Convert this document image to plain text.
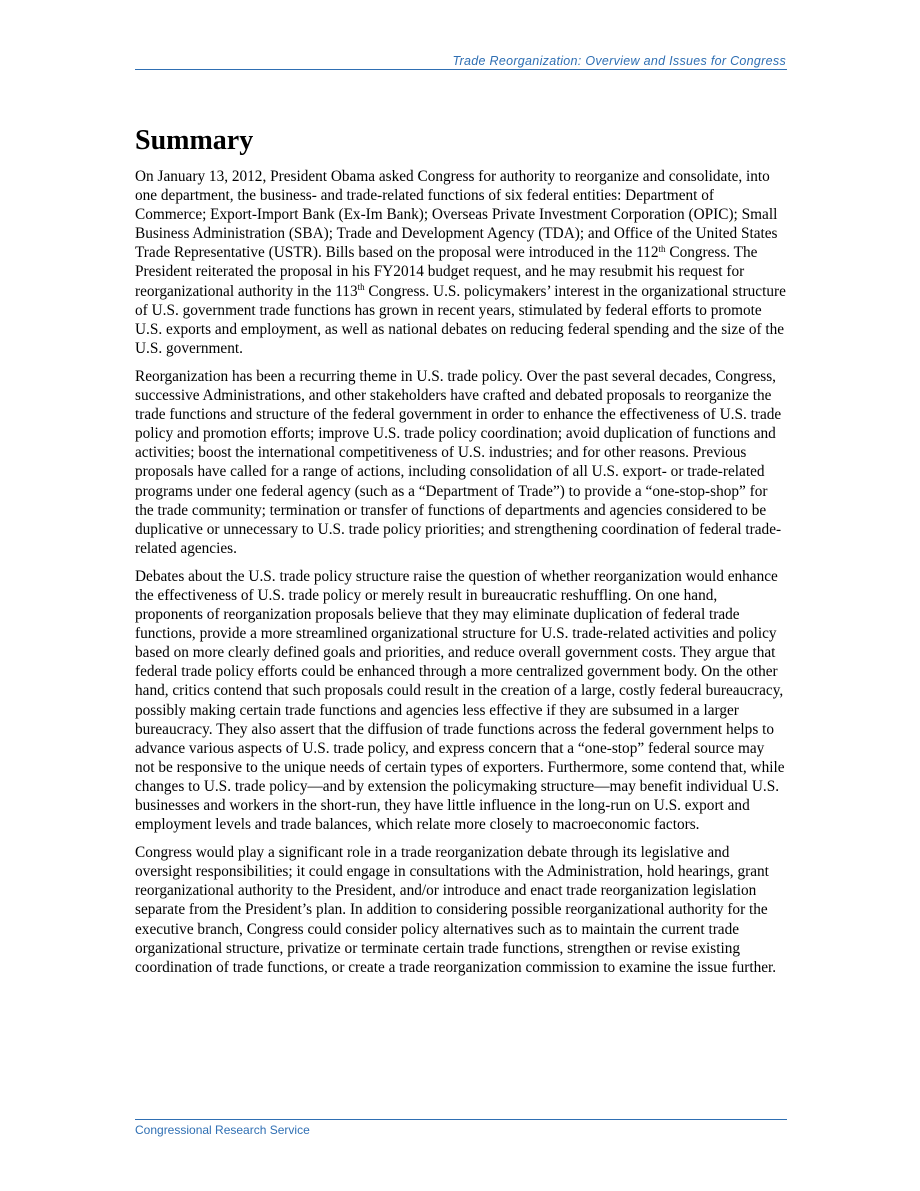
Trade Reorganization: Overview and Issues for Congress
Summary

On January 13, 2012, President Obama asked Congress for authority to reorganize and consolidate, into one department, the business- and trade-related functions of six federal entities: Department of Commerce; Export-Import Bank (Ex-Im Bank); Overseas Private Investment Corporation (OPIC); Small Business Administration (SBA); Trade and Development Agency (TDA); and Office of the United States Trade Representative (USTR). Bills based on the proposal were introduced in the 112th Congress. The President reiterated the proposal in his FY2014 budget request, and he may resubmit his request for reorganizational authority in the 113th Congress. U.S. policymakers’ interest in the organizational structure of U.S. government trade functions has grown in recent years, stimulated by federal efforts to promote U.S. exports and employment, as well as national debates on reducing federal spending and the size of the U.S. government.

Reorganization has been a recurring theme in U.S. trade policy. Over the past several decades, Congress, successive Administrations, and other stakeholders have crafted and debated proposals to reorganize the trade functions and structure of the federal government in order to enhance the effectiveness of U.S. trade policy and promotion efforts; improve U.S. trade policy coordination; avoid duplication of functions and activities; boost the international competitiveness of U.S. industries; and for other reasons. Previous proposals have called for a range of actions, including consolidation of all U.S. export- or trade-related programs under one federal agency (such as a “Department of Trade”) to provide a “one-stop-shop” for the trade community; termination or transfer of functions of departments and agencies considered to be duplicative or unnecessary to U.S. trade policy priorities; and strengthening coordination of federal trade-related agencies.

Debates about the U.S. trade policy structure raise the question of whether reorganization would enhance the effectiveness of U.S. trade policy or merely result in bureaucratic reshuffling. On one hand, proponents of reorganization proposals believe that they may eliminate duplication of federal trade functions, provide a more streamlined organizational structure for U.S. trade-related activities and policy based on more clearly defined goals and priorities, and reduce overall government costs. They argue that federal trade policy efforts could be enhanced through a more centralized government body. On the other hand, critics contend that such proposals could result in the creation of a large, costly federal bureaucracy, possibly making certain trade functions and agencies less effective if they are subsumed in a larger bureaucracy. They also assert that the diffusion of trade functions across the federal government helps to advance various aspects of U.S. trade policy, and express concern that a “one-stop” federal source may not be responsive to the unique needs of certain types of exporters. Furthermore, some contend that, while changes to U.S. trade policy—and by extension the policymaking structure—may benefit individual U.S. businesses and workers in the short-run, they have little influence in the long-run on U.S. export and employment levels and trade balances, which relate more closely to macroeconomic factors.

Congress would play a significant role in a trade reorganization debate through its legislative and oversight responsibilities; it could engage in consultations with the Administration, hold hearings, grant reorganizational authority to the President, and/or introduce and enact trade reorganization legislation separate from the President’s plan. In addition to considering possible reorganizational authority for the executive branch, Congress could consider policy alternatives such as to maintain the current trade organizational structure, privatize or terminate certain trade functions, strengthen or revise existing coordination of trade functions, or create a trade reorganization commission to examine the issue further.

Congressional Research Service
